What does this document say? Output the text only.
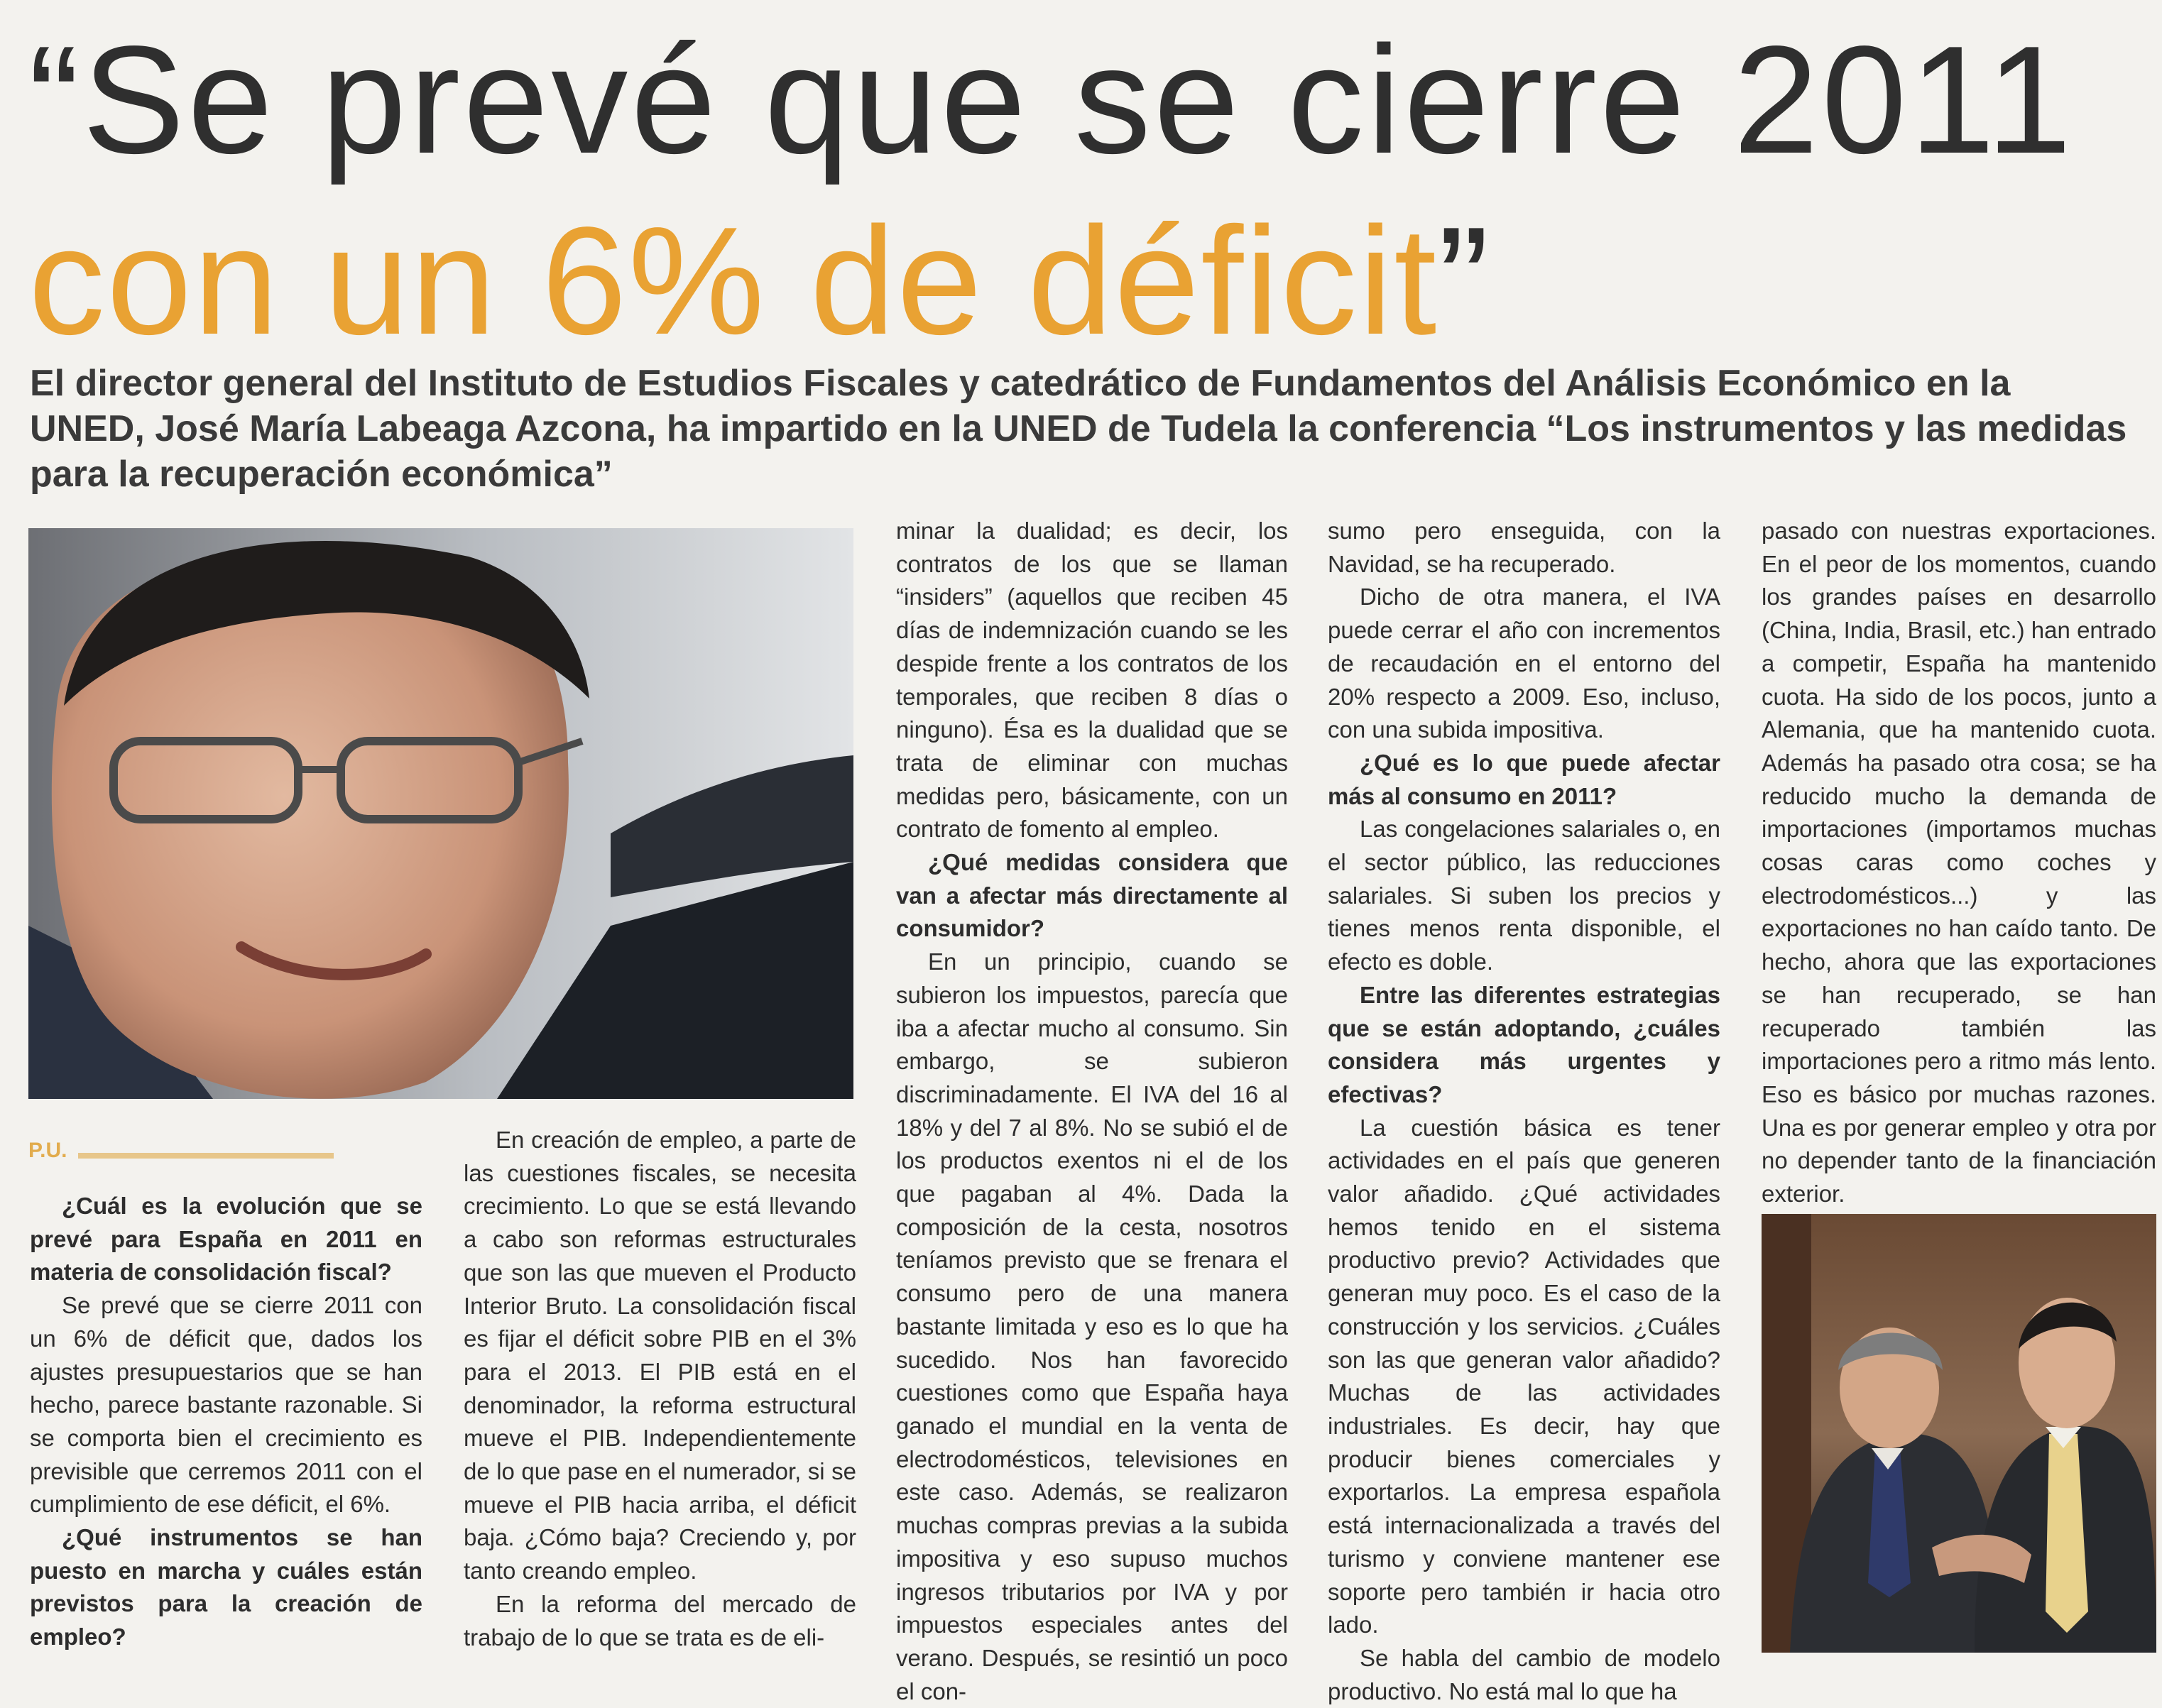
“Se prevé que se cierre 2011
con un 6% de déficit”

El director general del Instituto de Estudios Fiscales y catedrático de Fundamentos del Análisis Económico en la UNED, José María Labeaga Azcona, ha impartido en la UNED de Tudela la conferencia “Los instrumentos y las medidas para la recuperación económica”

P.U.

¿Cuál es la evolución que se prevé para España en 2011 en materia de consolidación fiscal?

Se prevé que se cierre 2011 con un 6% de déficit que, dados los ajustes presupuestarios que se han hecho, parece bastante razonable. Si se comporta bien el crecimiento es previsible que cerremos 2011 con el cumplimiento de ese déficit, el 6%.

¿Qué instrumentos se han puesto en marcha y cuáles están previstos para la creación de empleo?

En creación de empleo, a parte de las cuestiones fiscales, se necesita crecimiento. Lo que se está llevando a cabo son reformas estructurales que son las que mueven el Producto Interior Bruto. La consolidación fiscal es fijar el déficit sobre PIB en el 3% para el 2013. El PIB está en el denominador, la reforma estructural mueve el PIB. Independientemente de lo que pase en el numerador, si se mueve el PIB hacia arriba, el déficit baja. ¿Cómo baja? Creciendo y, por tanto creando empleo.

En la reforma del mercado de trabajo de lo que se trata es de eli-

minar la dualidad; es decir, los contratos de los que se llaman “insiders” (aquellos que reciben 45 días de indemnización cuando se les despide frente a los contratos de los temporales, que reciben 8 días o ninguno). Ésa es la dualidad que se trata de eliminar con muchas medidas pero, básicamente, con un contrato de fomento al empleo.

¿Qué medidas considera que van a afectar más directamente al consumidor?

En un principio, cuando se subieron los impuestos, parecía que iba a afectar mucho al consumo. Sin embargo, se subieron discriminadamente. El IVA del 16 al 18% y del 7 al 8%. No se subió el de los productos exentos ni el de los que pagaban al 4%. Dada la composición de la cesta, nosotros teníamos previsto que se frenara el consumo pero de una manera bastante limitada y eso es lo que ha sucedido. Nos han favorecido cuestiones como que España haya ganado el mundial en la venta de electrodomésticos, televisiones en este caso. Además, se realizaron muchas compras previas a la subida impositiva y eso supuso muchos ingresos tributarios por IVA y por impuestos especiales antes del verano. Después, se resintió un poco el con-

sumo pero enseguida, con la Navidad, se ha recuperado.

Dicho de otra manera, el IVA puede cerrar el año con incrementos de recaudación en el entorno del 20% respecto a 2009. Eso, incluso, con una subida impositiva.

¿Qué es lo que puede afectar más al consumo en 2011?

Las congelaciones salariales o, en el sector público, las reducciones salariales. Si suben los precios y tienes menos renta disponible, el efecto es doble.

Entre las diferentes estrategias que se están adoptando, ¿cuáles considera más urgentes y efectivas?

La cuestión básica es tener actividades en el país que generen valor añadido. ¿Qué actividades hemos tenido en el sistema productivo previo? Actividades que generan muy poco. Es el caso de la construcción y los servicios. ¿Cuáles son las que generan valor añadido? Muchas de las actividades industriales. Es decir, hay que producir bienes comerciales y exportarlos. La empresa española está internacionalizada a través del turismo y conviene mantener ese soporte pero también ir hacia otro lado.

Se habla del cambio de modelo productivo. No está mal lo que ha

pasado con nuestras exportaciones. En el peor de los momentos, cuando los grandes países en desarrollo (China, India, Brasil, etc.) han entrado a competir, España ha mantenido cuota. Ha sido de los pocos, junto a Alemania, que ha mantenido cuota. Además ha pasado otra cosa; se ha reducido mucho la demanda de importaciones (importamos muchas cosas caras como coches y electrodomésticos...) y las exportaciones no han caído tanto. De hecho, ahora que las exportaciones se han recuperado, se han recuperado también las importaciones pero a ritmo más lento. Eso es básico por muchas razones. Una es por generar empleo y otra por no depender tanto de la financiación exterior.
